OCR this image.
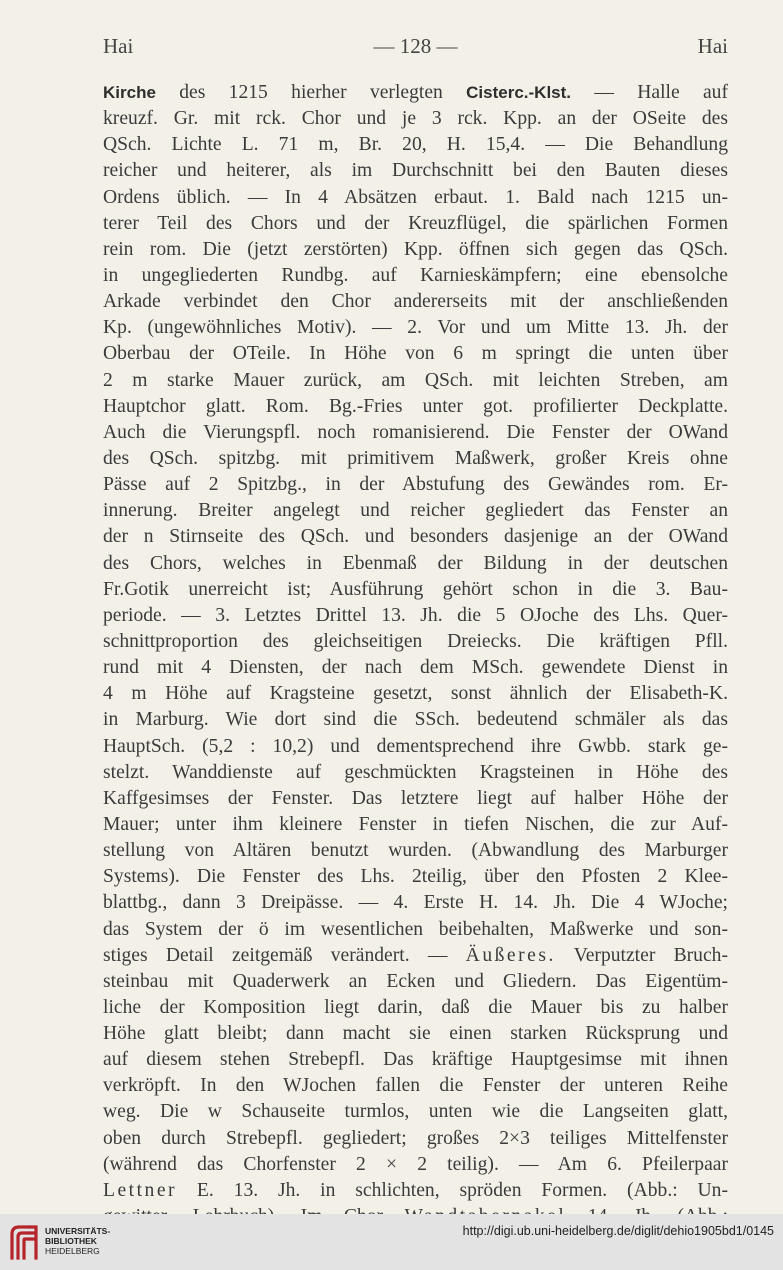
Hai	— 128 —	Hai
Kirche des 1215 hierher verlegten Cisterc.-Klst. — Halle auf
kreuzf. Gr. mit rck. Chor und je 3 rck. Kpp. an der OSeite des
QSch. Lichte L. 71 m, Br. 20, H. 15,4. — Die Behandlung
reicher und heiterer, als im Durchschnitt bei den Bauten dieses
Ordens üblich. — In 4 Absätzen erbaut. 1. Bald nach 1215 un-
terer Teil des Chors und der Kreuzflügel, die spärlichen Formen
rein rom. Die (jetzt zerstörten) Kpp. öffnen sich gegen das QSch.
in ungegliederten Rundbg. auf Karnieskämpfern; eine ebensolche
Arkade verbindet den Chor andererseits mit der anschließenden
Kp. (ungewöhnliches Motiv). — 2. Vor und um Mitte 13. Jh. der
Oberbau der OTeile. In Höhe von 6 m springt die unten über
2 m starke Mauer zurück, am QSch. mit leichten Streben, am
Hauptchor glatt. Rom. Bg.-Fries unter got. profilierter Deckplatte.
Auch die Vierungspfl. noch romanisierend. Die Fenster der OWand
des QSch. spitzbg. mit primitivem Maßwerk, großer Kreis ohne
Pässe auf 2 Spitzbg., in der Abstufung des Gewändes rom. Er-
innerung. Breiter angelegt und reicher gegliedert das Fenster an
der n Stirnseite des QSch. und besonders dasjenige an der OWand
des Chors, welches in Ebenmaß der Bildung in der deutschen
Fr.Gotik unerreicht ist; Ausführung gehört schon in die 3. Bau-
periode. — 3. Letztes Drittel 13. Jh. die 5 OJoche des Lhs. Quer-
schnittproportion des gleichseitigen Dreiecks. Die kräftigen Pfll.
rund mit 4 Diensten, der nach dem MSch. gewendete Dienst in
4 m Höhe auf Kragsteine gesetzt, sonst ähnlich der Elisabeth-K.
in Marburg. Wie dort sind die SSch. bedeutend schmäler als das
HauptSch. (5,2 : 10,2) und dementsprechend ihre Gwbb. stark ge-
stelzt. Wanddienste auf geschmückten Kragsteinen in Höhe des
Kaffgesimses der Fenster. Das letztere liegt auf halber Höhe der
Mauer; unter ihm kleinere Fenster in tiefen Nischen, die zur Auf-
stellung von Altären benutzt wurden. (Abwandlung des Marburger
Systems). Die Fenster des Lhs. 2teilig, über den Pfosten 2 Klee-
blattbg., dann 3 Dreipässe. — 4. Erste H. 14. Jh. Die 4 WJoche;
das System der ö im wesentlichen beibehalten, Maßwerke und son-
stiges Detail zeitgemäß verändert. — Äußeres. Verputzter Bruch-
steinbau mit Quaderwerk an Ecken und Gliedern. Das Eigentüm-
liche der Komposition liegt darin, daß die Mauer bis zu halber
Höhe glatt bleibt; dann macht sie einen starken Rücksprung und
auf diesem stehen Strebepfl. Das kräftige Hauptgesimse mit ihnen
verkröpft. In den WJochen fallen die Fenster der unteren Reihe
weg. Die w Schauseite turmlos, unten wie die Langseiten glatt,
oben durch Strebepfl. gegliedert; großes 2×3 teiliges Mittelfenster
(während das Chorfenster 2 × 2 teilig). — Am 6. Pfeilerpaar
Lettner E. 13. Jh. in schlichten, spröden Formen. (Abb.: Un-
UNIVERSITÄTS-
BIBLIOTHEK
HEIDELBERG
http://digi.ub.uni-heidelberg.de/diglit/dehio1905bd1/0145
